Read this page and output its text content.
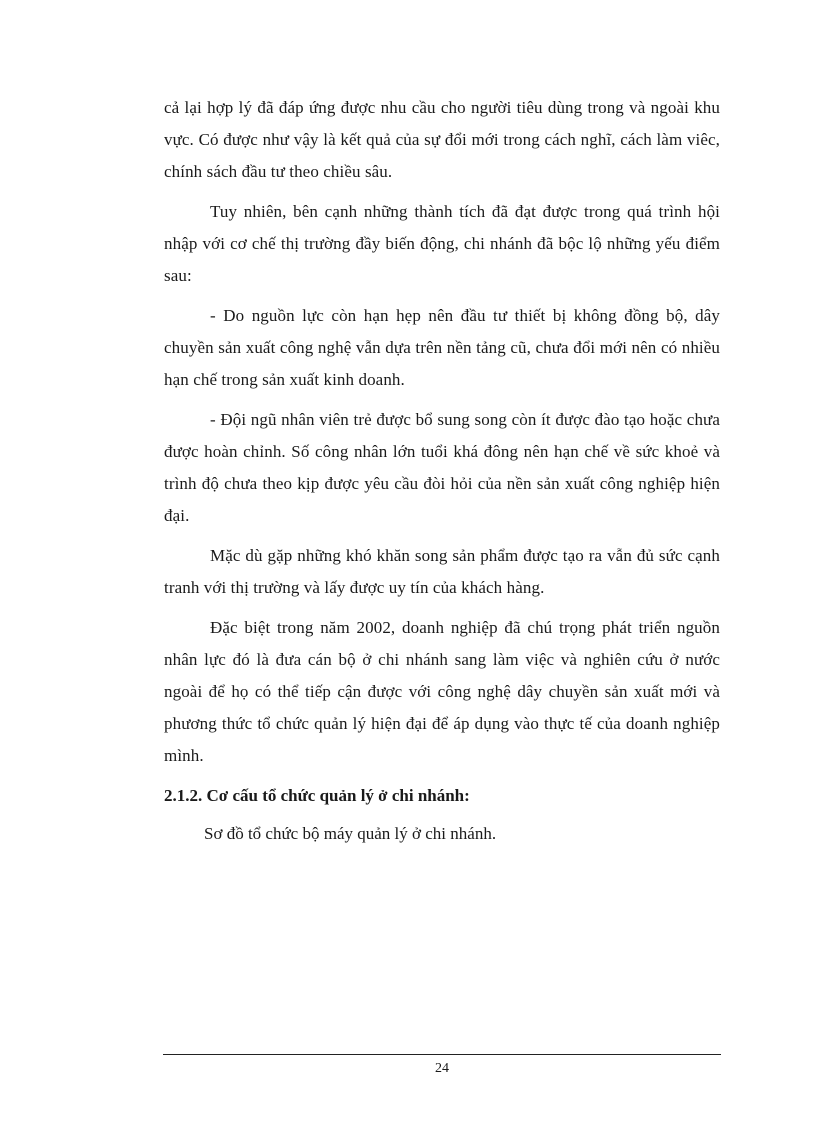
cả lại hợp lý đã đáp ứng được nhu cầu cho người tiêu dùng trong và ngoài khu vực. Có được như vậy là kết quả của sự đổi mới trong cách nghĩ, cách làm viêc, chính sách đầu tư theo chiều sâu.

Tuy nhiên, bên cạnh những thành tích đã đạt được trong quá trình hội nhập với cơ chế thị trường đầy biến động, chi nhánh đã bộc lộ những yếu điểm sau:

- Do nguồn lực còn hạn hẹp nên đầu tư thiết bị không đồng bộ, dây chuyền sản xuất công nghệ vẫn dựa trên nền tảng cũ, chưa đổi mới nên có nhiều hạn chế trong sản xuất kinh doanh.

- Đội ngũ nhân viên trẻ được bổ sung song còn ít được đào tạo hoặc chưa được hoàn chỉnh. Số công nhân lớn tuổi khá đông nên hạn chế về sức khoẻ và trình độ chưa theo kịp được yêu cầu đòi hỏi của nền sản xuất công nghiệp hiện đại.

Mặc dù gặp những khó khăn song sản phẩm được tạo ra vẫn đủ sức cạnh tranh với thị trường và lấy được uy tín của khách hàng.

Đặc biệt trong năm 2002, doanh nghiệp đã chú trọng phát triển nguồn nhân lực đó là đưa cán bộ ở chi nhánh sang làm việc và nghiên cứu ở nước ngoài để họ có thể tiếp cận được với công nghệ dây chuyền sản xuất mới và phương thức tổ chức quản lý hiện đại để áp dụng vào thực tế của doanh nghiệp mình.

2.1.2. Cơ cấu tổ chức quản lý ở chi nhánh:

Sơ đồ tổ chức bộ máy quản lý ở chi nhánh.

24
